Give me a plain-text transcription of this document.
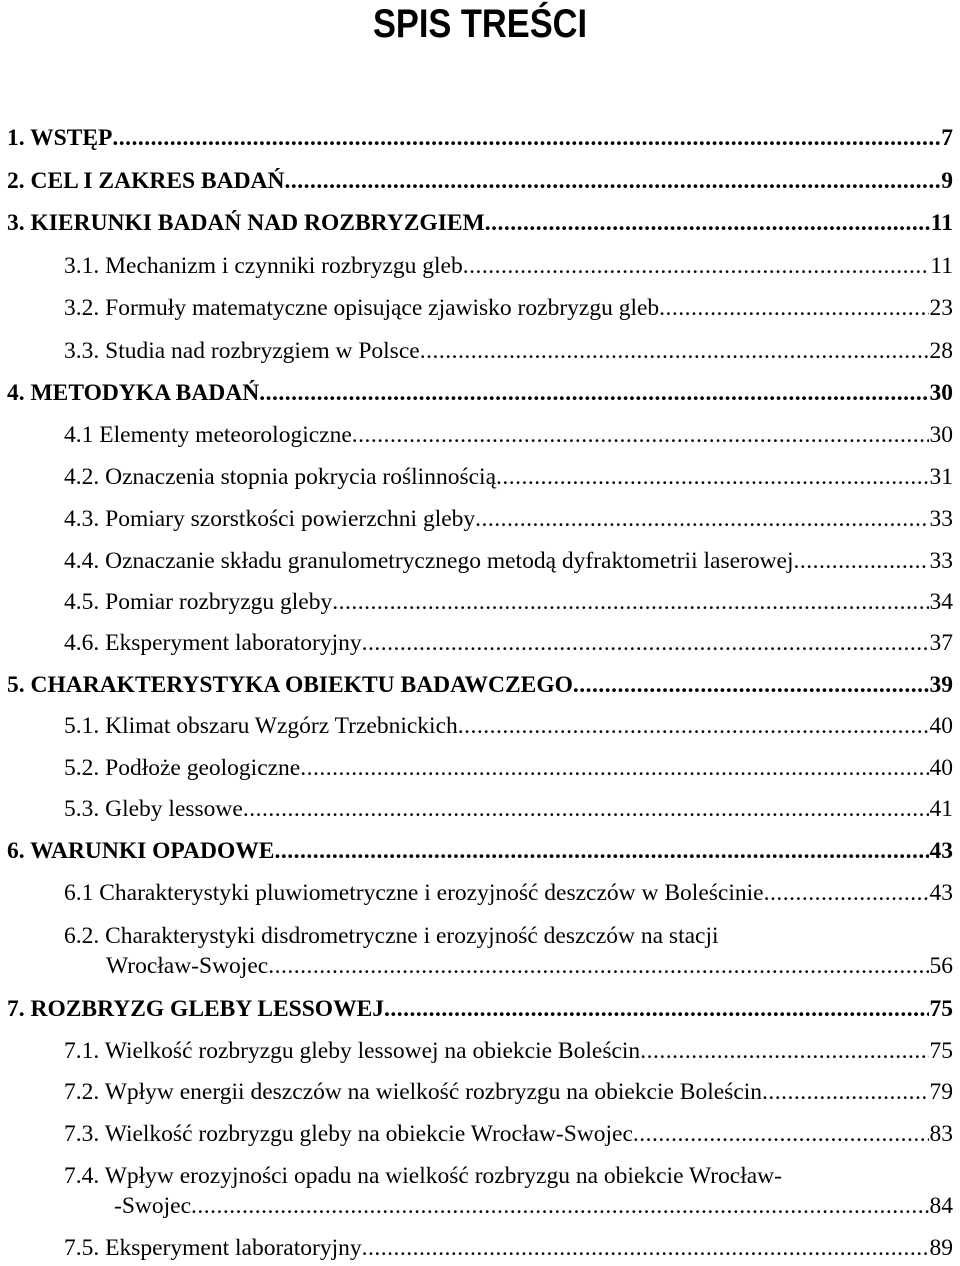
SPIS TREŚCI
1. WSTĘP .....	7
2. CEL I ZAKRES BADAŃ .....	9
3. KIERUNKI BADAŃ NAD ROZBRYZGIEM .....	11
3.1. Mechanizm i czynniki rozbryzgu gleb .....	11
3.2. Formuły matematyczne opisujące zjawisko rozbryzgu gleb .....	23
3.3. Studia nad rozbryzgiem w Polsce .....	28
4. METODYKA BADAŃ .....	30
4.1 Elementy meteorologiczne .....	30
4.2. Oznaczenia stopnia pokrycia roślinnością .....	31
4.3. Pomiary szorstkości powierzchni gleby .....	33
4.4. Oznaczanie składu granulometrycznego metodą dyfraktometrii laserowej .....	33
4.5. Pomiar rozbryzgu gleby .....	34
4.6. Eksperyment laboratoryjny .....	37
5. CHARAKTERYSTYKA OBIEKTU BADAWCZEGO .....	39
5.1. Klimat obszaru Wzgórz Trzebnickich .....	40
5.2. Podłoże geologiczne .....	40
5.3. Gleby lessowe .....	41
6. WARUNKI OPADOWE .....	43
6.1 Charakterystyki pluwiometryczne i erozyjność deszczów w Boleścinie .....	43
6.2. Charakterystyki disdrometryczne i erozyjność deszczów na stacji
Wrocław-Swojec .....	56
7. ROZBRYZG GLEBY LESSOWEJ .....	75
7.1. Wielkość rozbryzgu gleby lessowej na obiekcie Boleścin .....	75
7.2. Wpływ energii deszczów na wielkość rozbryzgu na obiekcie Boleścin .....	79
7.3. Wielkość rozbryzgu gleby na obiekcie Wrocław-Swojec .....	83
7.4. Wpływ erozyjności opadu na wielkość rozbryzgu na obiekcie Wrocław-
-Swojec .....	84
7.5. Eksperyment laboratoryjny .....	89
